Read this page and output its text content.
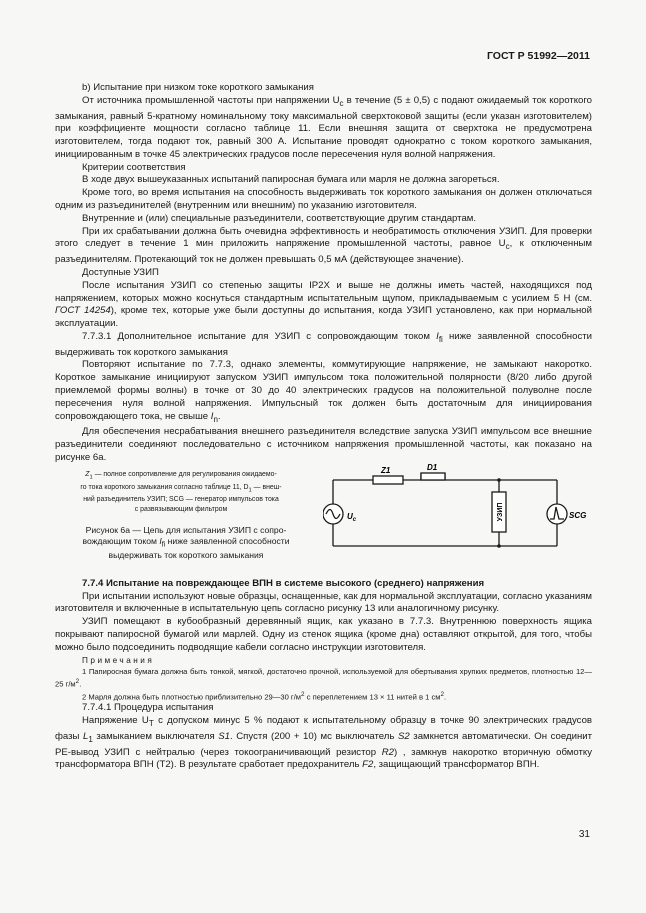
ГОСТ Р 51992—2011

b) Испытание при низком токе короткого замыкания

От источника промышленной частоты при напряжении $U_c$ в течение (5 ± 0,5) с подают ожидаемый ток короткого замыкания, равный 5-кратному номинальному току максимальной сверхтоковой защиты (если указан изготовителем) при коэффициенте мощности согласно таблице 11. Если внешняя защита от сверхтока не предусмотрена изготовителем, тогда подают ток, равный 300 А. Испытание проводят однократно с током короткого замыкания, инициированным в точке 45 электрических градусов после пересечения нуля волной напряжения.

Критерии соответствия

В ходе двух вышеуказанных испытаний папиросная бумага или марля не должна загореться.

Кроме того, во время испытания на способность выдерживать ток короткого замыкания он должен отключаться одним из разъединителей (внутренним или внешним) по указанию изготовителя.

Внутренние и (или) специальные разъединители, соответствующие другим стандартам.

При их срабатывании должна быть очевидна эффективность и необратимость отключения УЗИП. Для проверки этого следует в течение 1 мин приложить напряжение промышленной частоты, равное $U_c$, к отключенным разъединителям. Протекающий ток не должен превышать 0,5 мА (действующее значение).

Доступные УЗИП

После испытания УЗИП со степенью защиты IP2X и выше не должны иметь частей, находящихся под напряжением, которых можно коснуться стандартным испытательным щупом, прикладываемым с усилием 5 Н (см. ГОСТ 14254), кроме тех, которые уже были доступны до испытания, когда УЗИП установлено, как при нормальной эксплуатации.

7.7.3.1 Дополнительное испытание для УЗИП с сопровождающим током $I_{fi}$ ниже заявленной способности выдерживать ток короткого замыкания

Повторяют испытание по 7.7.3, однако элементы, коммутирующие напряжение, не замыкают накоротко. Короткое замыкание инициируют запуском УЗИП импульсом тока положительной полярности (8/20 либо другой приемлемой формы волны) в точке от 30 до 40 электрических градусов на положительной полуволне после пересечения нуля волной напряжения. Импульсный ток должен быть достаточным для инициирования сопровождающего тока, не свыше $I_n$.

Для обеспечения несрабатывания внешнего разъединителя вследствие запуска УЗИП импульсом все внешние разъединители соединяют последовательно с источником напряжения промышленной частоты, как показано на рисунке 6а.

$Z_1$ — полное сопротивление для регулирования ожидаемо-
го тока короткого замыкания согласно таблице 11, $D_1$ — внеш-
ний разъединитель УЗИП; SCG — генератор импульсов тока
с развязывающим фильтром
Рисунок 6а — Цепь для испытания УЗИП с сопро-
вождающим током $I_{fi}$ ниже заявленной способности
выдерживать ток короткого замыкания
Z1	D1
$U_c$	УЗИП	SCG

7.7.4 Испытание на повреждающее ВПН в системе высокого (среднего) напряжения

При испытании используют новые образцы, оснащенные, как для нормальной эксплуатации, согласно указаниям изготовителя и включенные в испытательную цепь согласно рисунку 13 или аналогичному рисунку.

УЗИП помещают в кубообразный деревянный ящик, как указано в 7.7.3. Внутреннюю поверхность ящика покрывают папиросной бумагой или марлей. Одну из стенок ящика (кроме дна) оставляют открытой, для того, чтобы можно было подсоединить подводящие кабели согласно инструкции изготовителя.

Примечания

1 Папиросная бумага должна быть тонкой, мягкой, достаточно прочной, используемой для обертывания хрупких предметов, плотностью 12—25 $г/м^2$.

2 Марля должна быть плотностью приблизительно 29—30 $г/м^2$ с переплетением 13 × 11 нитей в 1 $см^2$.

7.7.4.1 Процедура испытания

Напряжение $U_T$ с допуском минус 5 % подают к испытательному образцу в точке 90 электрических градусов фазы $L_1$ замыканием выключателя S1. Спустя (200 + 10) мс выключатель S2 замкнется автоматически. Он соединит PE-вывод УЗИП с нейтралью (через токоограничивающий резистор R2) , замкнув накоротко вторичную обмотку трансформатора ВПН (Т2). В результате сработает предохранитель F2, защищающий трансформатор ВПН.

31
